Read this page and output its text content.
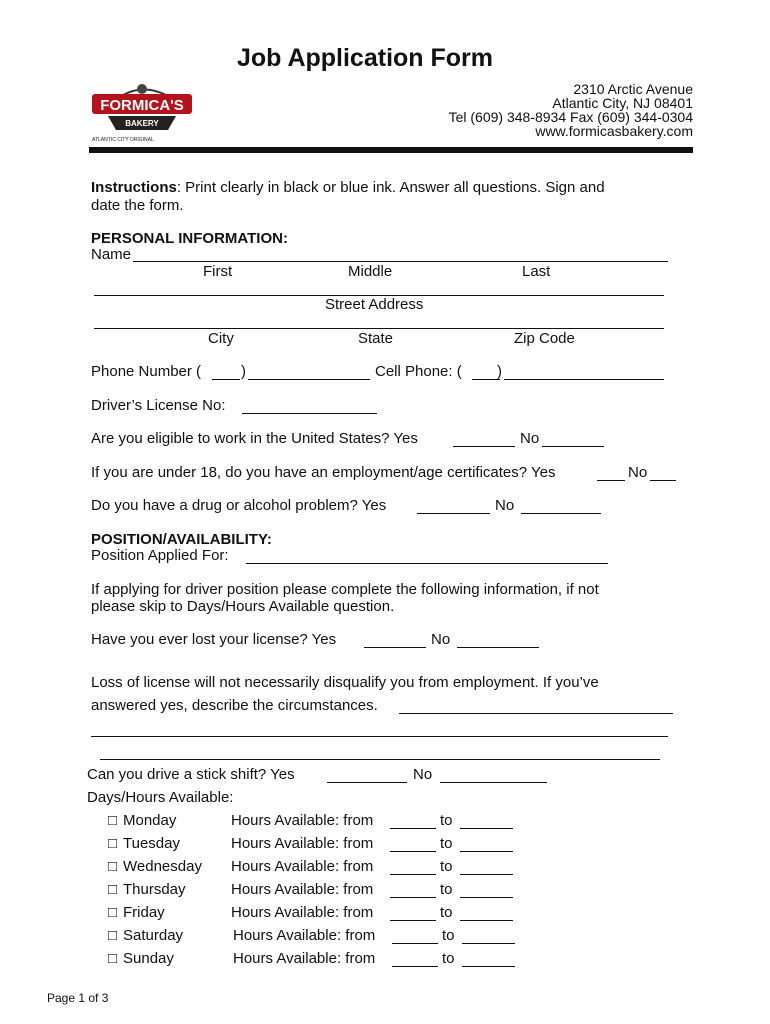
Job Application Form
FORMICA'S
BAKERY
ATLANTIC CITY ORIGINAL
2310 Arctic Avenue
Atlantic City, NJ 08401
Tel (609) 348-8934 Fax (609) 344-0304
www.formicasbakery.com
Instructions: Print clearly in black or blue ink. Answer all questions. Sign and
date the form.
PERSONAL INFORMATION:
Name
First	Middle	Last
Street Address
City	State	Zip Code
Phone Number (	)	Cell Phone: ( )
Driver’s License No:
Are you eligible to work in the United States? Yes	No
If you are under 18, do you have an employment/age certificates? Yes	No
Do you have a drug or alcohol problem? Yes	No
POSITION/AVAILABILITY:
Position Applied For:
If applying for driver position please complete the following information, if not
please skip to Days/Hours Available question.
Have you ever lost your license? Yes	No
Loss of license will not necessarily disqualify you from employment. If you’ve
answered yes, describe the circumstances.
Can you drive a stick shift? Yes	No
Days/Hours Available:
□ Monday	Hours Available: from	to
□ Tuesday	Hours Available: from	to
□ Wednesday Hours Available: from	to
□ Thursday	Hours Available: from	to
□ Friday	Hours Available: from	to
□ Saturday	Hours Available: from	to
□ Sunday	Hours Available: from	to
Page 1 of 3
